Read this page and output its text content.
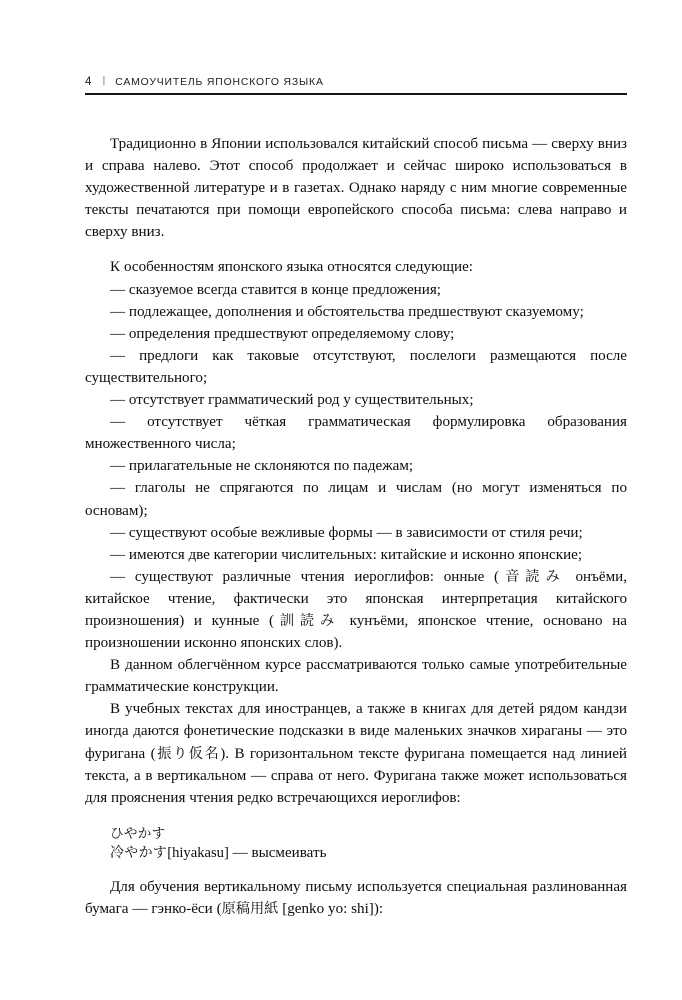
4 | САМОУЧИТЕЛЬ ЯПОНСКОГО ЯЗЫКА

Традиционно в Японии использовался китайский способ письма — сверху вниз и справа налево. Этот способ продолжает и сейчас широко использоваться в художественной литературе и в газетах. Однако наряду с ним многие современные тексты печатаются при помощи европейского способа письма: слева направо и сверху вниз.

К особенностям японского языка относятся следующие:

— сказуемое всегда ставится в конце предложения;

— подлежащее, дополнения и обстоятельства предшествуют сказуемому;

— определения предшествуют определяемому слову;

— предлоги как таковые отсутствуют, послелоги размещаются после существительного;

— отсутствует грамматический род у существительных;

— отсутствует чёткая грамматическая формулировка образования множественного числа;

— прилагательные не склоняются по падежам;

— глаголы не спрягаются по лицам и числам (но могут изменяться по основам);

— существуют особые вежливые формы — в зависимости от стиля речи;

— имеются две категории числительных: китайские и исконно японские;

— существуют различные чтения иероглифов: онные (音読み онъёми, китайское чтение, фактически это японская интерпретация китайского произношения) и кунные (訓読み кунъёми, японское чтение, основано на произношении исконно японских слов).

В данном облегчённом курсе рассматриваются только самые употребительные грамматические конструкции.

В учебных текстах для иностранцев, а также в книгах для детей рядом кандзи иногда даются фонетические подсказки в виде маленьких значков хираганы — это фуригана (振り仮名). В горизонтальном тексте фуригана помещается над линией текста, а в вертикальном — справа от него. Фуригана также может использоваться для прояснения чтения редко встречающихся иероглифов:

ひやかす
冷やかす[hiyakasu] — высмеивать

Для обучения вертикальному письму используется специальная разлинованная бумага — гэнко-ёси (原稿用紙 [genko yo: shi]):
